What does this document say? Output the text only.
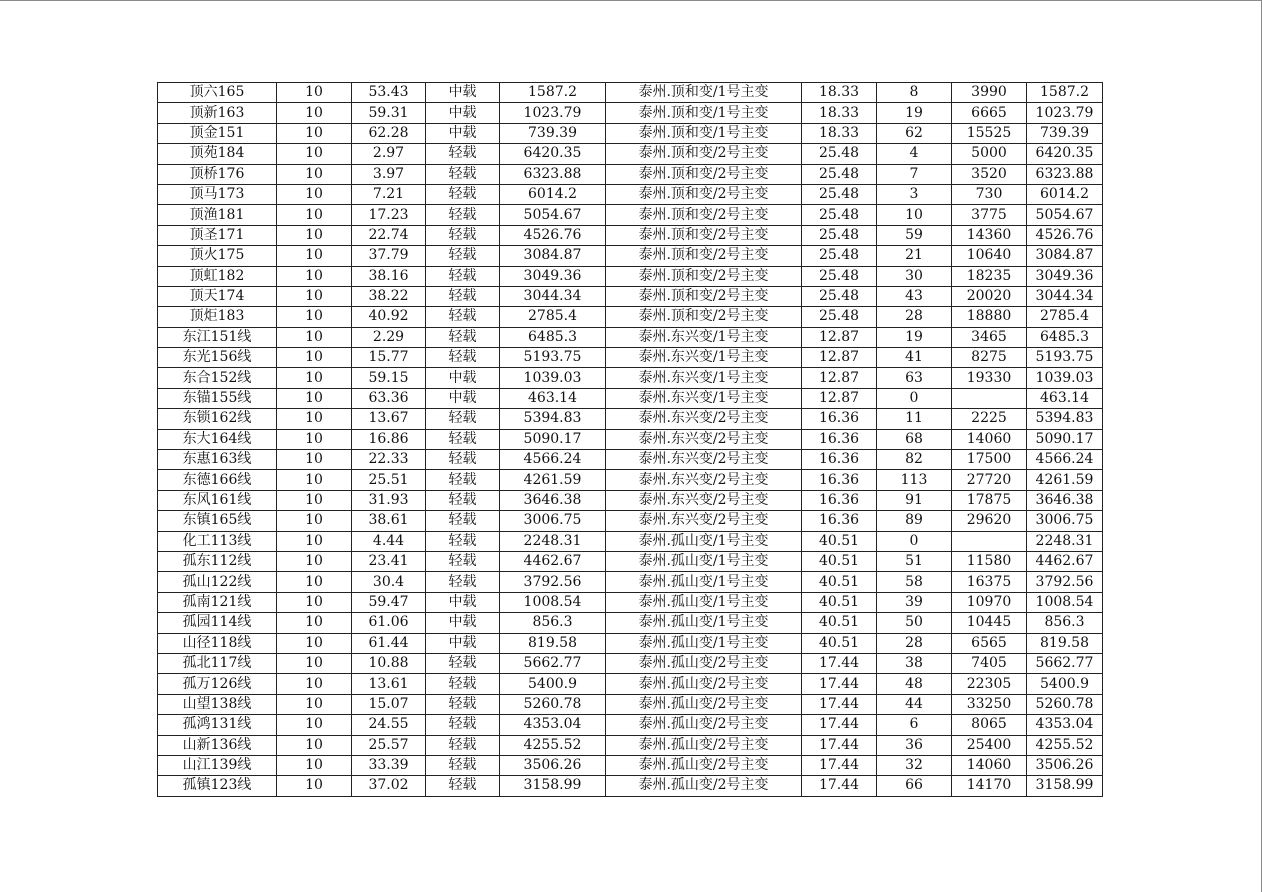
顶六165	10	53.43	中载	1587.2	泰州.顶和变/1号主变	18.33	8	3990	1587.2
顶新163	10	59.31	中载	1023.79	泰州.顶和变/1号主变	18.33	19	6665	1023.79
顶金151	10	62.28	中载	739.39	泰州.顶和变/1号主变	18.33	62	15525	739.39
顶苑184	10	2.97	轻载	6420.35	泰州.顶和变/2号主变	25.48	4	5000	6420.35
顶桥176	10	3.97	轻载	6323.88	泰州.顶和变/2号主变	25.48	7	3520	6323.88
顶马173	10	7.21	轻载	6014.2	泰州.顶和变/2号主变	25.48	3	730	6014.2
顶渔181	10	17.23	轻载	5054.67	泰州.顶和变/2号主变	25.48	10	3775	5054.67
顶圣171	10	22.74	轻载	4526.76	泰州.顶和变/2号主变	25.48	59	14360	4526.76
顶火175	10	37.79	轻载	3084.87	泰州.顶和变/2号主变	25.48	21	10640	3084.87
顶虹182	10	38.16	轻载	3049.36	泰州.顶和变/2号主变	25.48	30	18235	3049.36
顶天174	10	38.22	轻载	3044.34	泰州.顶和变/2号主变	25.48	43	20020	3044.34
顶炬183	10	40.92	轻载	2785.4	泰州.顶和变/2号主变	25.48	28	18880	2785.4
东江151线	10	2.29	轻载	6485.3	泰州.东兴变/1号主变	12.87	19	3465	6485.3
东光156线	10	15.77	轻载	5193.75	泰州.东兴变/1号主变	12.87	41	8275	5193.75
东合152线	10	59.15	中载	1039.03	泰州.东兴变/1号主变	12.87	63	19330	1039.03
东锚155线	10	63.36	中载	463.14	泰州.东兴变/1号主变	12.87	0		463.14
东锁162线	10	13.67	轻载	5394.83	泰州.东兴变/2号主变	16.36	11	2225	5394.83
东大164线	10	16.86	轻载	5090.17	泰州.东兴变/2号主变	16.36	68	14060	5090.17
东惠163线	10	22.33	轻载	4566.24	泰州.东兴变/2号主变	16.36	82	17500	4566.24
东德166线	10	25.51	轻载	4261.59	泰州.东兴变/2号主变	16.36	113	27720	4261.59
东风161线	10	31.93	轻载	3646.38	泰州.东兴变/2号主变	16.36	91	17875	3646.38
东镇165线	10	38.61	轻载	3006.75	泰州.东兴变/2号主变	16.36	89	29620	3006.75
化工113线	10	4.44	轻载	2248.31	泰州.孤山变/1号主变	40.51	0		2248.31
孤东112线	10	23.41	轻载	4462.67	泰州.孤山变/1号主变	40.51	51	11580	4462.67
孤山122线	10	30.4	轻载	3792.56	泰州.孤山变/1号主变	40.51	58	16375	3792.56
孤南121线	10	59.47	中载	1008.54	泰州.孤山变/1号主变	40.51	39	10970	1008.54
孤园114线	10	61.06	中载	856.3	泰州.孤山变/1号主变	40.51	50	10445	856.3
山径118线	10	61.44	中载	819.58	泰州.孤山变/1号主变	40.51	28	6565	819.58
孤北117线	10	10.88	轻载	5662.77	泰州.孤山变/2号主变	17.44	38	7405	5662.77
孤万126线	10	13.61	轻载	5400.9	泰州.孤山变/2号主变	17.44	48	22305	5400.9
山望138线	10	15.07	轻载	5260.78	泰州.孤山变/2号主变	17.44	44	33250	5260.78
孤鸿131线	10	24.55	轻载	4353.04	泰州.孤山变/2号主变	17.44	6	8065	4353.04
山新136线	10	25.57	轻载	4255.52	泰州.孤山变/2号主变	17.44	36	25400	4255.52
山江139线	10	33.39	轻载	3506.26	泰州.孤山变/2号主变	17.44	32	14060	3506.26
孤镇123线	10	37.02	轻载	3158.99	泰州.孤山变/2号主变	17.44	66	14170	3158.99
